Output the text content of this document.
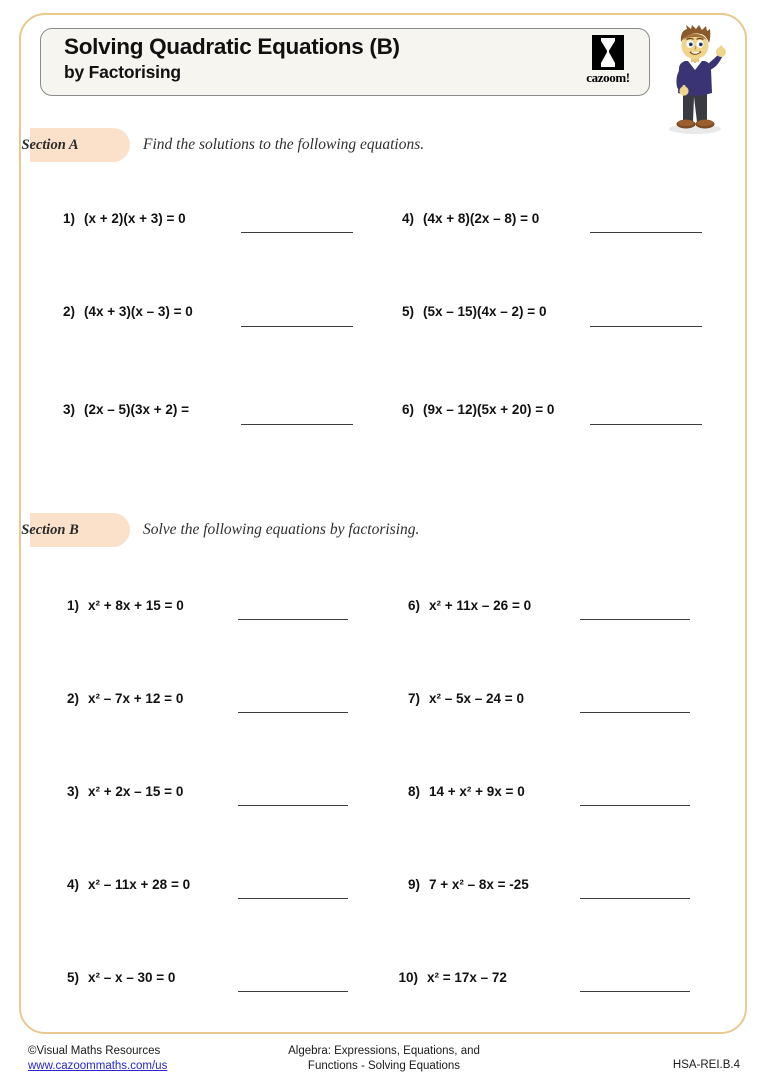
Solving Quadratic Equations (B)
by Factorising	cazoom!
Section A	Find the solutions to the following equations.
1) (x + 2)(x + 3) = 0
2) (4x + 3)(x – 3) = 0
3) (2x – 5)(3x + 2) =
4) (4x + 8)(2x – 8) = 0
5) (5x – 15)(4x – 2) = 0
6) (9x – 12)(5x + 20) = 0
Section B	Solve the following equations by factorising.
1) x² + 8x + 15 = 0
2) x² – 7x + 12 = 0
3) x² + 2x – 15 = 0
4) x² – 11x + 28 = 0
5) x² – x – 30 = 0
6) x² + 11x – 26 = 0
7) x² – 5x – 24 = 0
8) 14 + x² + 9x = 0
9) 7 + x² – 8x = -25
10) x² = 17x – 72
©Visual Maths Resources
www.cazoommaths.com/us
Algebra: Expressions, Equations, and
Functions - Solving Equations	HSA-REI.B.4
